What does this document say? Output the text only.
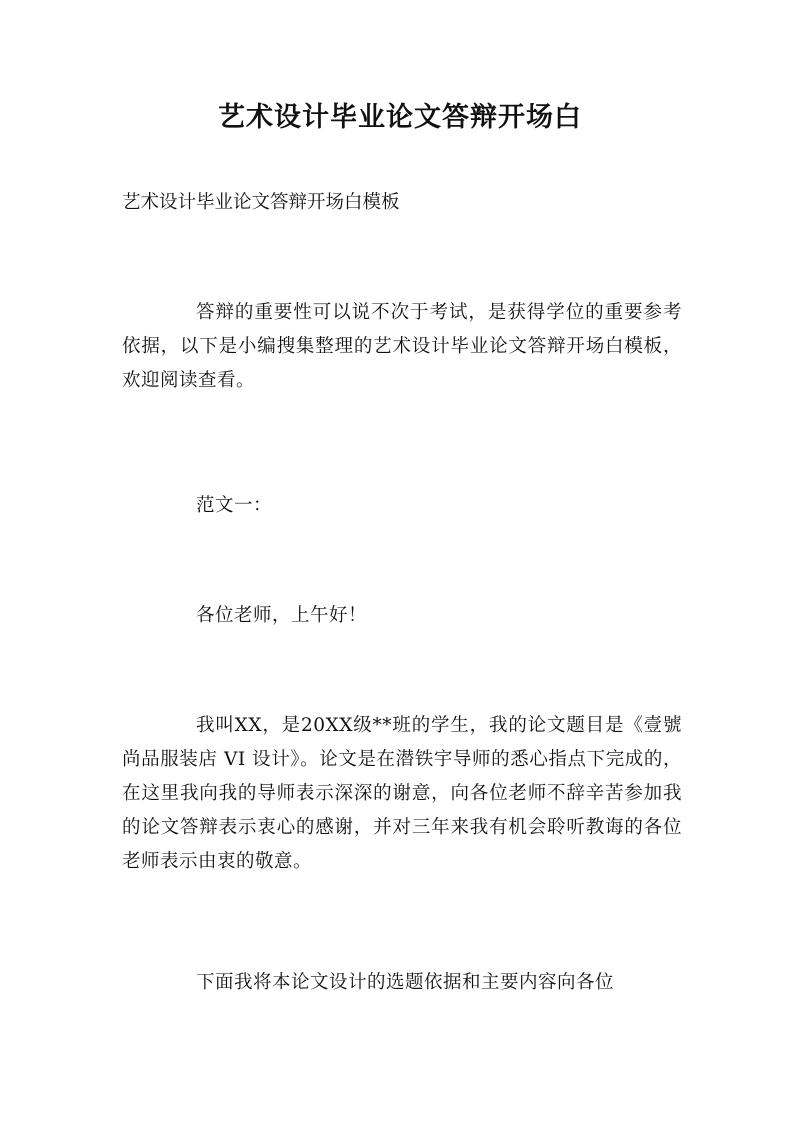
艺术设计毕业论文答辩开场白
艺术设计毕业论文答辩开场白模板
答辩的重要性可以说不次于考试，是获得学位的重要参考依据，以下是小编搜集整理的艺术设计毕业论文答辩开场白模板，欢迎阅读查看。
范文一：
各位老师，上午好！
我叫XX，是20XX级**班的学生，我的论文题目是《壹號尚品服装店 VI 设计》。论文是在潜铁宇导师的悉心指点下完成的，在这里我向我的导师表示深深的谢意，向各位老师不辞辛苦参加我的论文答辩表示衷心的感谢，并对三年来我有机会聆听教诲的各位老师表示由衷的敬意。
下面我将本论文设计的选题依据和主要内容向各位
